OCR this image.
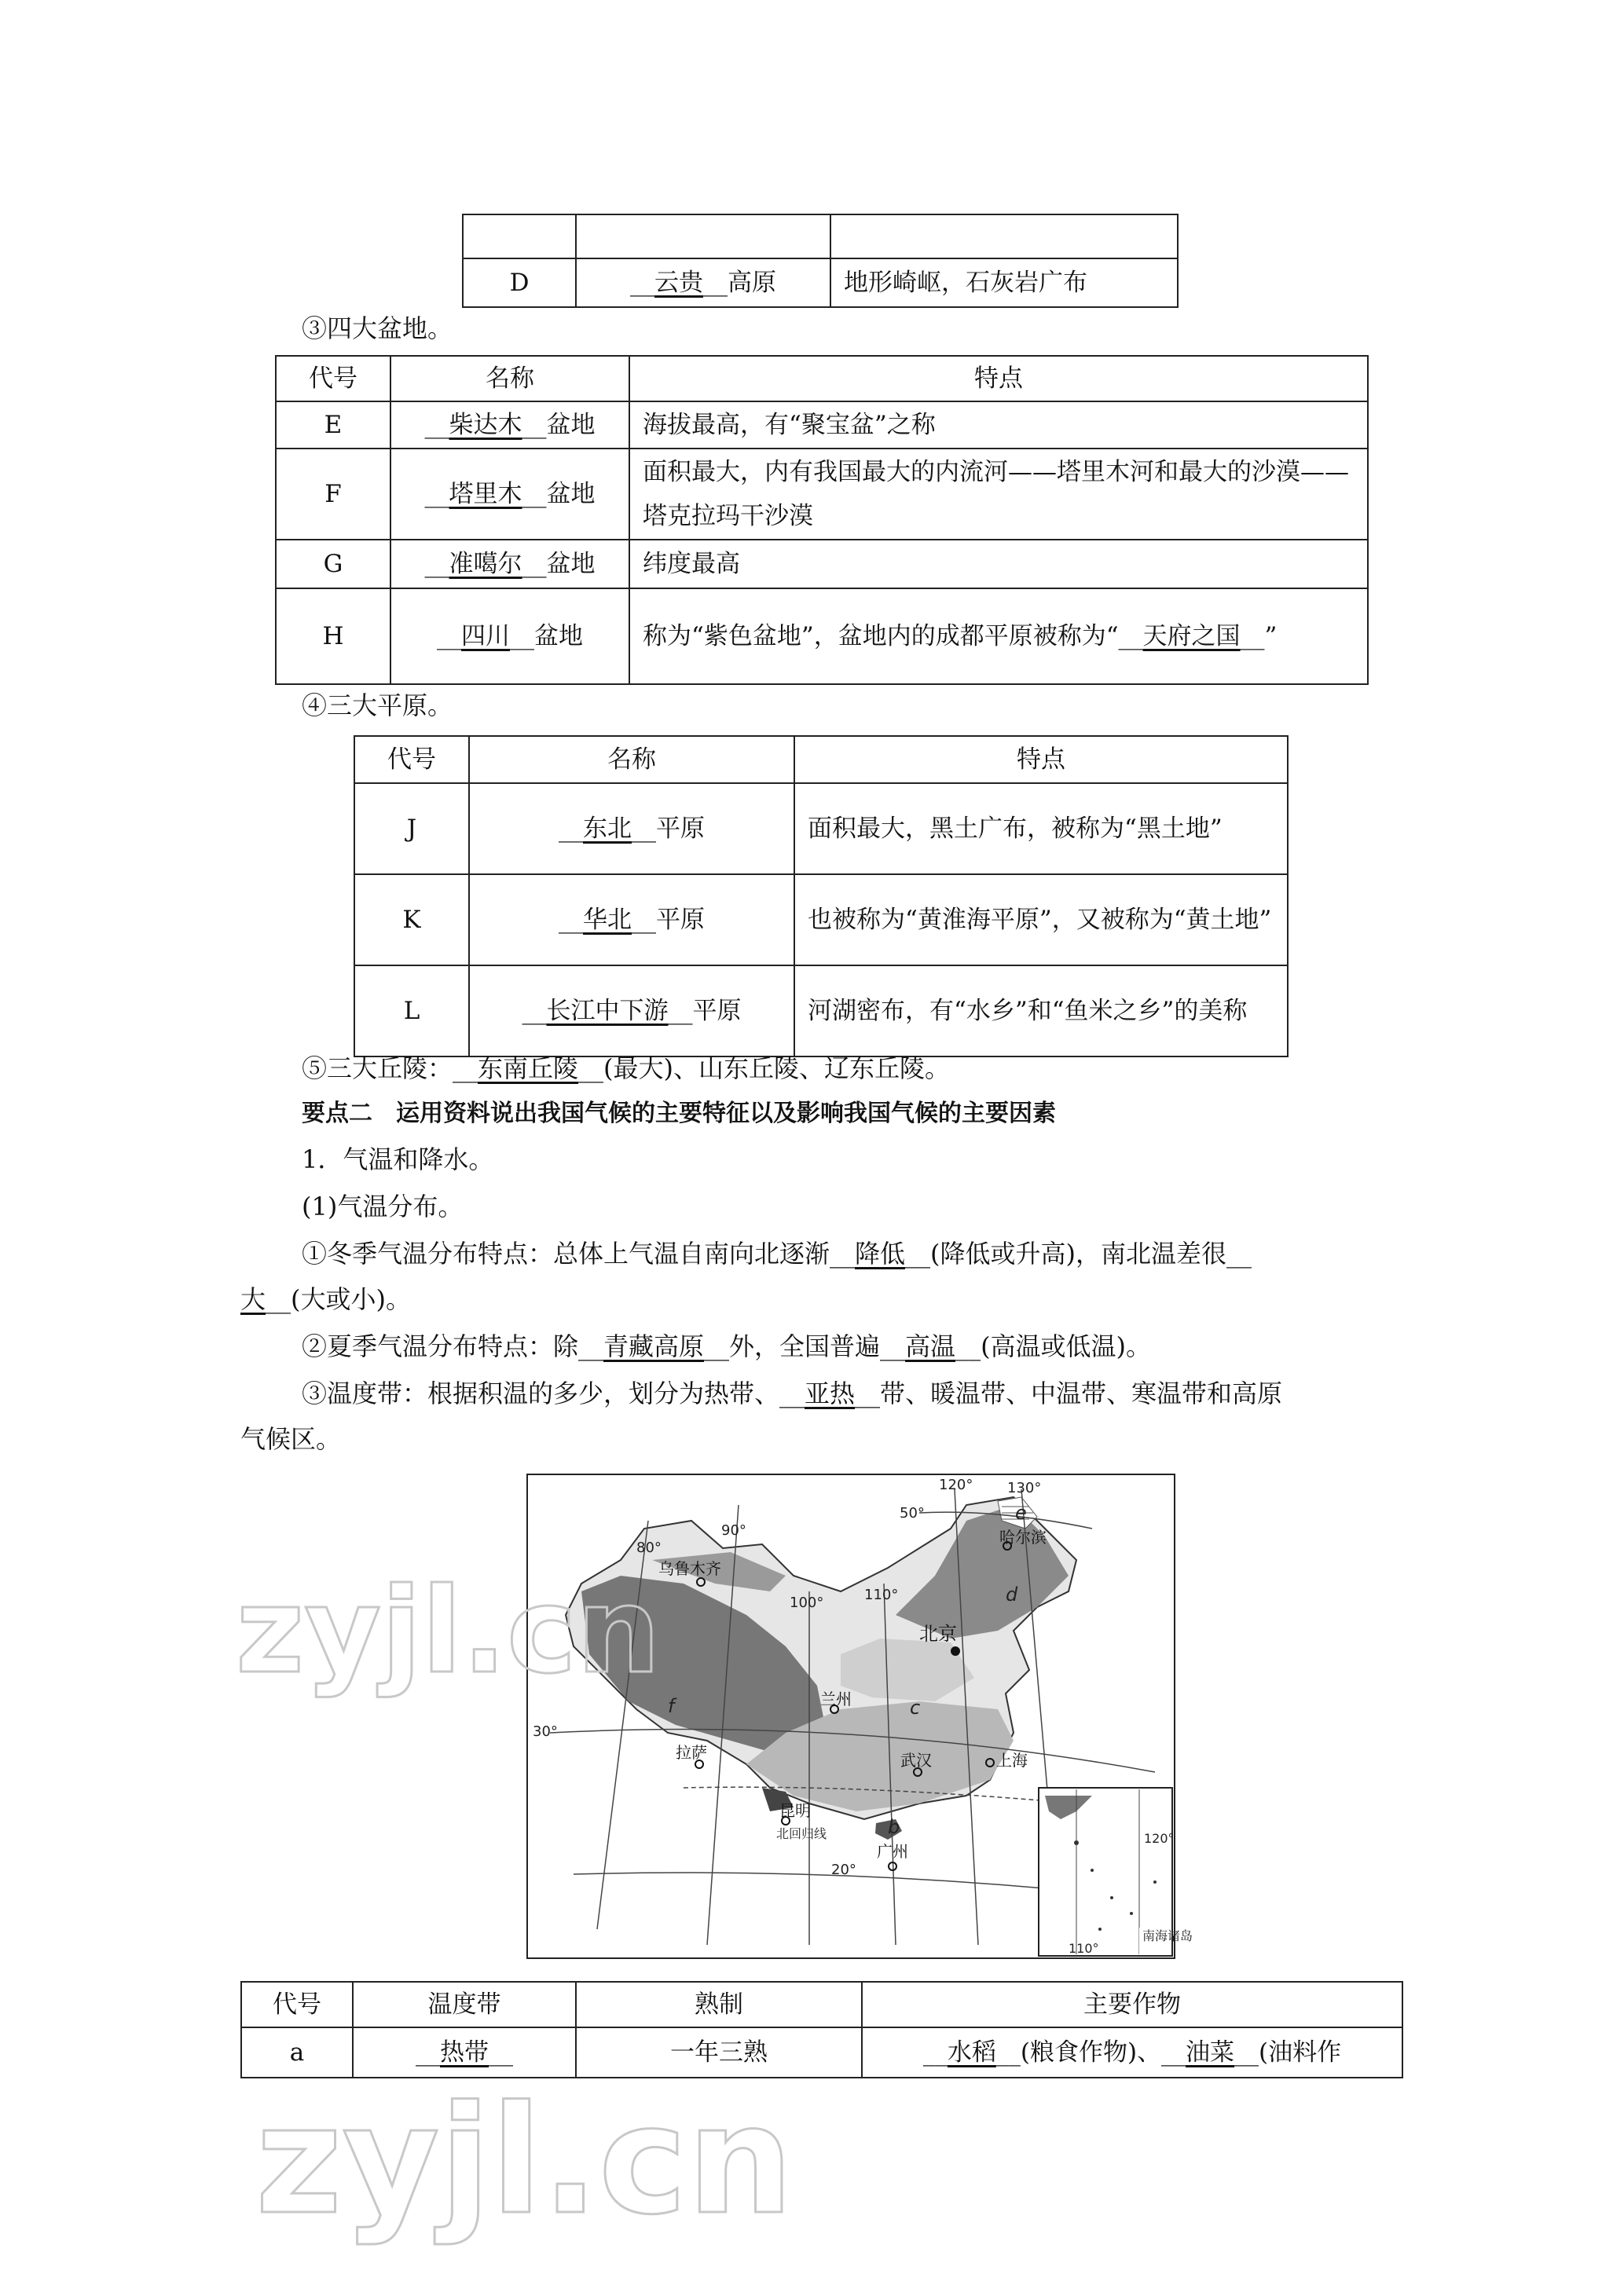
D	__云贵__高原	地形崎岖，石灰岩广布
③四大盆地。
代号	名称	特点
E	__柴达木__盆地	海拔最高，有“聚宝盆”之称
F	__塔里木__盆地	面积最大，内有我国最大的内流河——塔里木河和最大的沙漠——塔克拉玛干沙漠
G	__准噶尔__盆地	纬度最高
H	__四川__盆地	称为“紫色盆地”，盆地内的成都平原被称为“__天府之国__”
④三大平原。
代号	名称	特点
J	__东北__平原	面积最大，黑土广布，被称为“黑土地”
K	__华北__平原	也被称为“黄淮海平原”，又被称为“黄土地”
L	__长江中下游__平原	河湖密布，有“水乡”和“鱼米之乡”的美称
⑤三大丘陵：__东南丘陵__(最大)、山东丘陵、辽东丘陵。
要点二　运用资料说出我国气候的主要特征以及影响我国气候的主要因素
1．气温和降水。
(1)气温分布。
①冬季气温分布特点：总体上气温自南向北逐渐__降低__(降低或升高)，南北温差很__
大__(大或小)。
②夏季气温分布特点：除__青藏高原__外，全国普遍__高温__(高温或低温)。
③温度带：根据积温的多少，划分为热带、__亚热__带、暖温带、中温带、寒温带和高原
气候区。
120°
110°
南海诸岛
80°
90°
100°	110°
120° 130°
50°
30°
20°
乌鲁木齐
哈尔滨
北京
兰州
拉萨	武汉	上海
昆明
广州
e
d
c
f
b
北回归线
代号	温度带	熟制	主要作物
a	__热带__	一年三熟	__水稻__(粮食作物)、__油菜__(油料作
zyjl.cn
zyjl.cn
